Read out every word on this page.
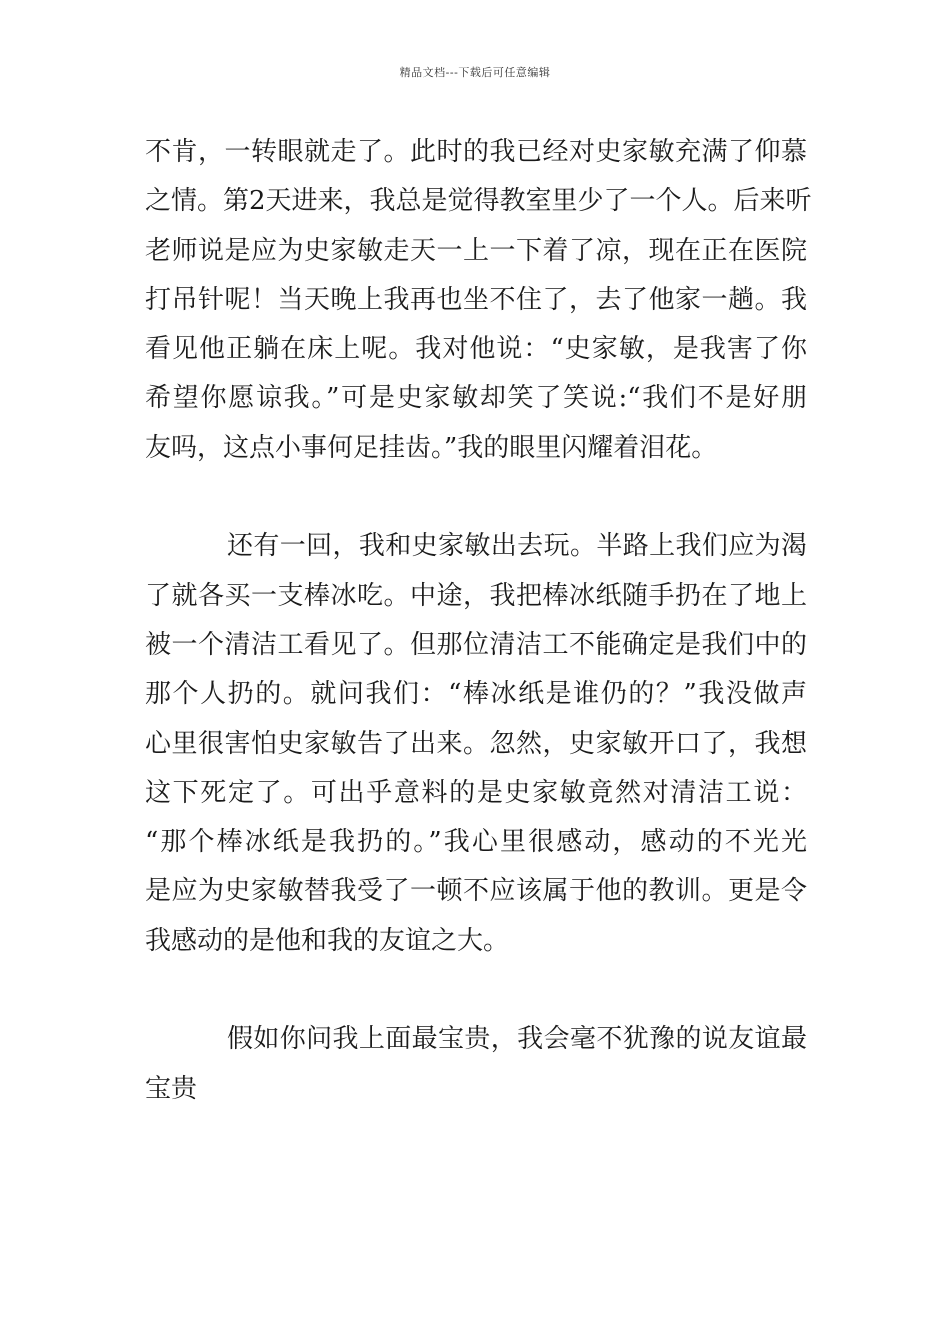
精品文档---下载后可任意编辑
不肯，一转眼就走了。此时的我已经对史家敏充满了仰慕
之情。第2天进来，我总是觉得教室里少了一个人。后来听
老师说是应为史家敏走天一上一下着了凉，现在正在医院
打吊针呢！当天晚上我再也坐不住了，去了他家一趟。我
看见他正躺在床上呢。我对他说：“史家敏，是我害了你
希望你愿谅我。”可是史家敏却笑了笑说:“我们不是好朋
友吗，这点小事何足挂齿。”我的眼里闪耀着泪花。
还有一回，我和史家敏出去玩。半路上我们应为渴
了就各买一支棒冰吃。中途，我把棒冰纸随手扔在了地上
被一个清洁工看见了。但那位清洁工不能确定是我们中的
那个人扔的。就问我们：“棒冰纸是谁仍的？”我没做声
心里很害怕史家敏告了出来。忽然，史家敏开口了，我想
这下死定了。可出乎意料的是史家敏竟然对清洁工说：
“那个棒冰纸是我扔的。”我心里很感动，感动的不光光
是应为史家敏替我受了一顿不应该属于他的教训。更是令
我感动的是他和我的友谊之大。
假如你问我上面最宝贵，我会毫不犹豫的说友谊最
宝贵
